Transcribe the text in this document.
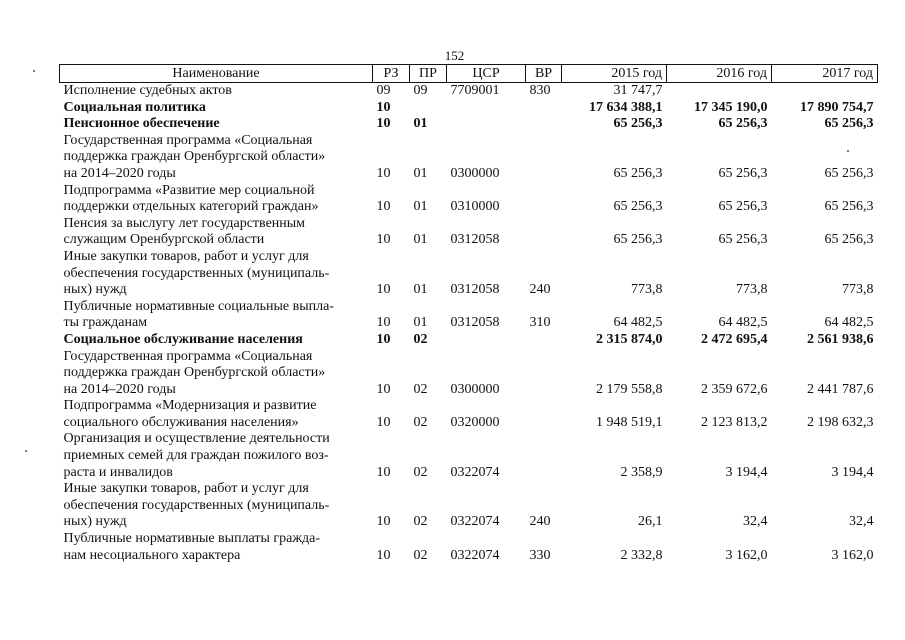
152
Наименование	РЗ	ПР	ЦСР	ВР	2015 год	2016 год	2017 год
Исполнение судебных актов	09	09	7709001	830	31 747,7		
Социальная политика	10				17 634 388,1	17 345 190,0	17 890 754,7
Пенсионное обеспечение	10	01			65 256,3	65 256,3	65 256,3
Государственная программа «Социальная
поддержка граждан Оренбургской области»
на 2014–2020 годы	10	01	0300000		65 256,3	65 256,3	65 256,3
Подпрограмма «Развитие мер социальной
поддержки отдельных категорий граждан»	10	01	0310000		65 256,3	65 256,3	65 256,3
Пенсия за выслугу лет государственным
служащим Оренбургской области	10	01	0312058		65 256,3	65 256,3	65 256,3
Иные закупки товаров, работ и услуг для
обеспечения государственных (муниципаль-
ных) нужд	10	01	0312058	240	773,8	773,8	773,8
Публичные нормативные социальные выпла-
ты гражданам	10	01	0312058	310	64 482,5	64 482,5	64 482,5
Социальное обслуживание населения	10	02			2 315 874,0	2 472 695,4	2 561 938,6
Государственная программа «Социальная
поддержка граждан Оренбургской области»
на 2014–2020 годы	10	02	0300000		2 179 558,8	2 359 672,6	2 441 787,6
Подпрограмма «Модернизация и развитие
социального обслуживания населения»	10	02	0320000		1 948 519,1	2 123 813,2	2 198 632,3
Организация и осуществление деятельности
приемных семей для граждан пожилого воз-
раста и инвалидов	10	02	0322074		2 358,9	3 194,4	3 194,4
Иные закупки товаров, работ и услуг для
обеспечения государственных (муниципаль-
ных) нужд	10	02	0322074	240	26,1	32,4	32,4
Публичные нормативные выплаты гражда-
нам несоциального характера	10	02	0322074	330	2 332,8	3 162,0	3 162,0
